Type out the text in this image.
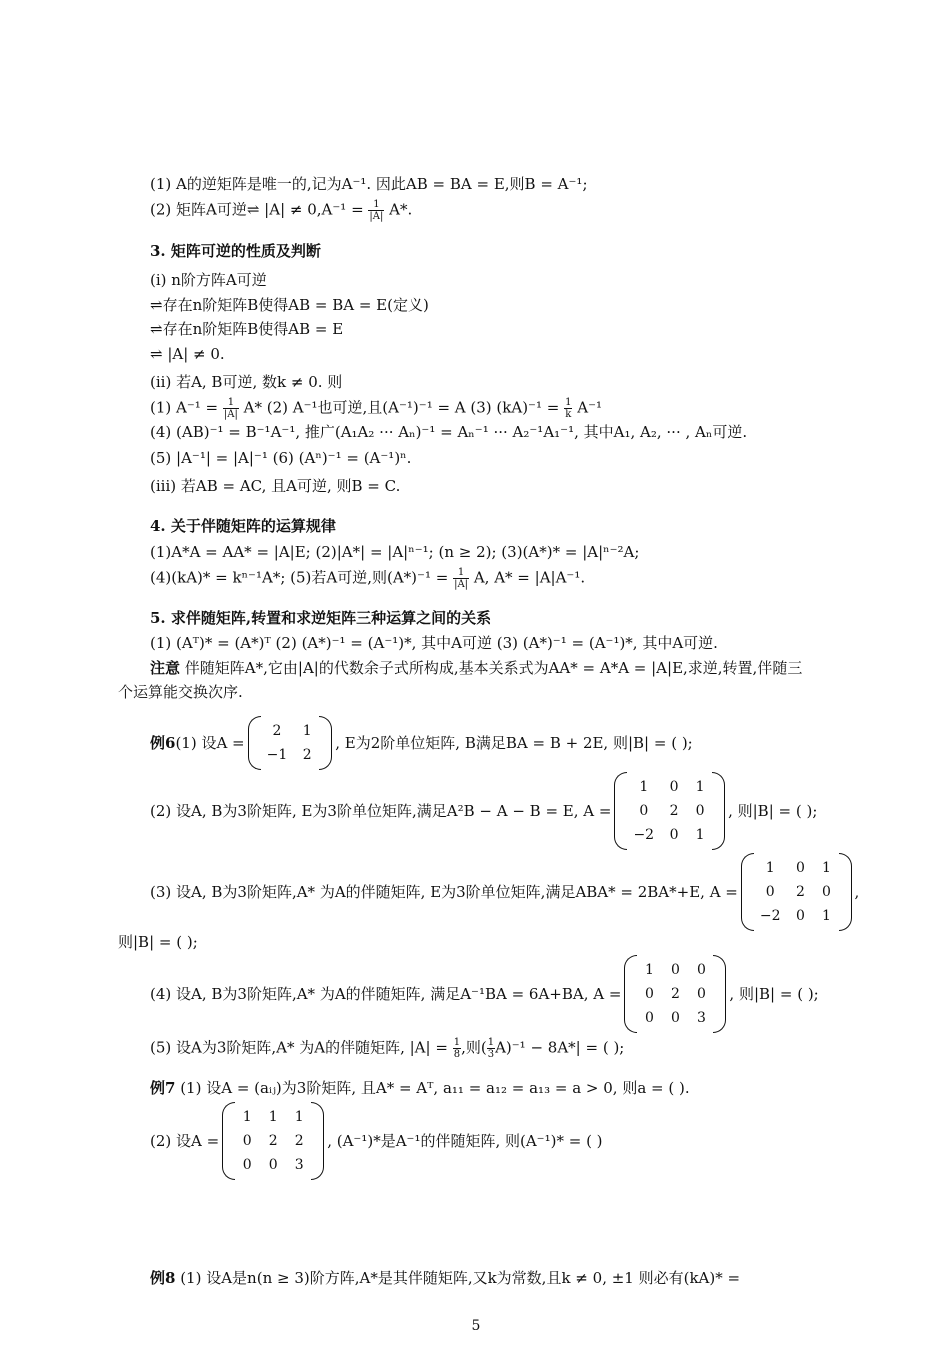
(1) A的逆矩阵是唯一的,记为A⁻¹. 因此AB = BA = E,则B = A⁻¹;
(2) 矩阵A可逆⇌ $|A| \ne 0,A^{-1} = \frac{1}{|A|} A*$.
3. 矩阵可逆的性质及判断
(i) n阶方阵A可逆
⇌存在n阶矩阵B使得AB = BA = E(定义)
⇌存在n阶矩阵B使得AB = E
⇌ |A| ≠ 0.
(ii) 若A, B可逆, 数k ≠ 0. 则
(1) $A^{-1} = \frac{1}{|A|} A*$ (2) A⁻¹也可逆,且(A⁻¹)⁻¹ = A (3) $(kA)^{-1} = \frac{1}{k} A^{-1}$
(4) (AB)⁻¹ = B⁻¹A⁻¹, 推广(A₁A₂ ··· Aₙ)⁻¹ = Aₙ⁻¹ ··· A₂⁻¹A₁⁻¹, 其中A₁, A₂, ··· , Aₙ可逆.
(5) |A⁻¹| = |A|⁻¹ (6) (Aⁿ)⁻¹ = (A⁻¹)ⁿ.
(iii) 若AB = AC, 且A可逆, 则B = C.
4. 关于伴随矩阵的运算规律
(1)A*A = AA* = |A|E; (2)|A*| = |A|ⁿ⁻¹; (n ≥ 2); (3)(A*)* = |A|ⁿ⁻²A;
(4)(kA)* = kⁿ⁻¹A*; (5)若A可逆,则$(A*)^{-1} = \frac{1}{|A|} A$, A* = |A|A⁻¹.
5. 求伴随矩阵,转置和求逆矩阵三种运算之间的关系
(1) (Aᵀ)* = (A*)ᵀ (2) (A*)⁻¹ = (A⁻¹)*, 其中A可逆 (3) (A*)⁻¹ = (A⁻¹)*, 其中A可逆.
注意 伴随矩阵A*,它由|A|的代数余子式所构成,基本关系式为AA* = A*A = |A|E,求逆,转置,伴随三
个运算能交换次序.
例6 (1) 设A =
2	1
−1 2
, E为2阶单位矩阵, B满足BA = B + 2E, 则|B| = ( );
(2) 设A, B为3阶矩阵, E为3阶单位矩阵,满足A²B − A − B = E, A =
1	0 1
0	2 0
−2 0 1
, 则|B| = ( );
(3) 设A, B为3阶矩阵,A* 为A的伴随矩阵, E为3阶单位矩阵,满足ABA* = 2BA*+E, A =
1	0 1
0	2 0
−2 0 1
,
则|B| = ( );
(4) 设A, B为3阶矩阵,A* 为A的伴随矩阵, 满足A⁻¹BA = 6A+BA, A =
1 0 0
0 2 0
0 0 3
, 则|B| = ( );
(5) 设A为3阶矩阵,A* 为A的伴随矩阵, $|A| = \frac{1}{8}$ ,则( $\frac{1}{3} A)^{-1} - 8A*|$ = ( );
例7 (1) 设A = (aᵢⱼ)为3阶矩阵, 且A* = Aᵀ, a₁₁ = a₁₂ = a₁₃ = a > 0, 则a = ( ).
(2) 设A =
1 1 1
0 2 2
0 0 3
, (A⁻¹)*是A⁻¹的伴随矩阵, 则(A⁻¹)* = ( )
例8 (1) 设A是n(n ≥ 3)阶方阵,A*是其伴随矩阵,又k为常数,且k ≠ 0, ±1 则必有(kA)* =
5
